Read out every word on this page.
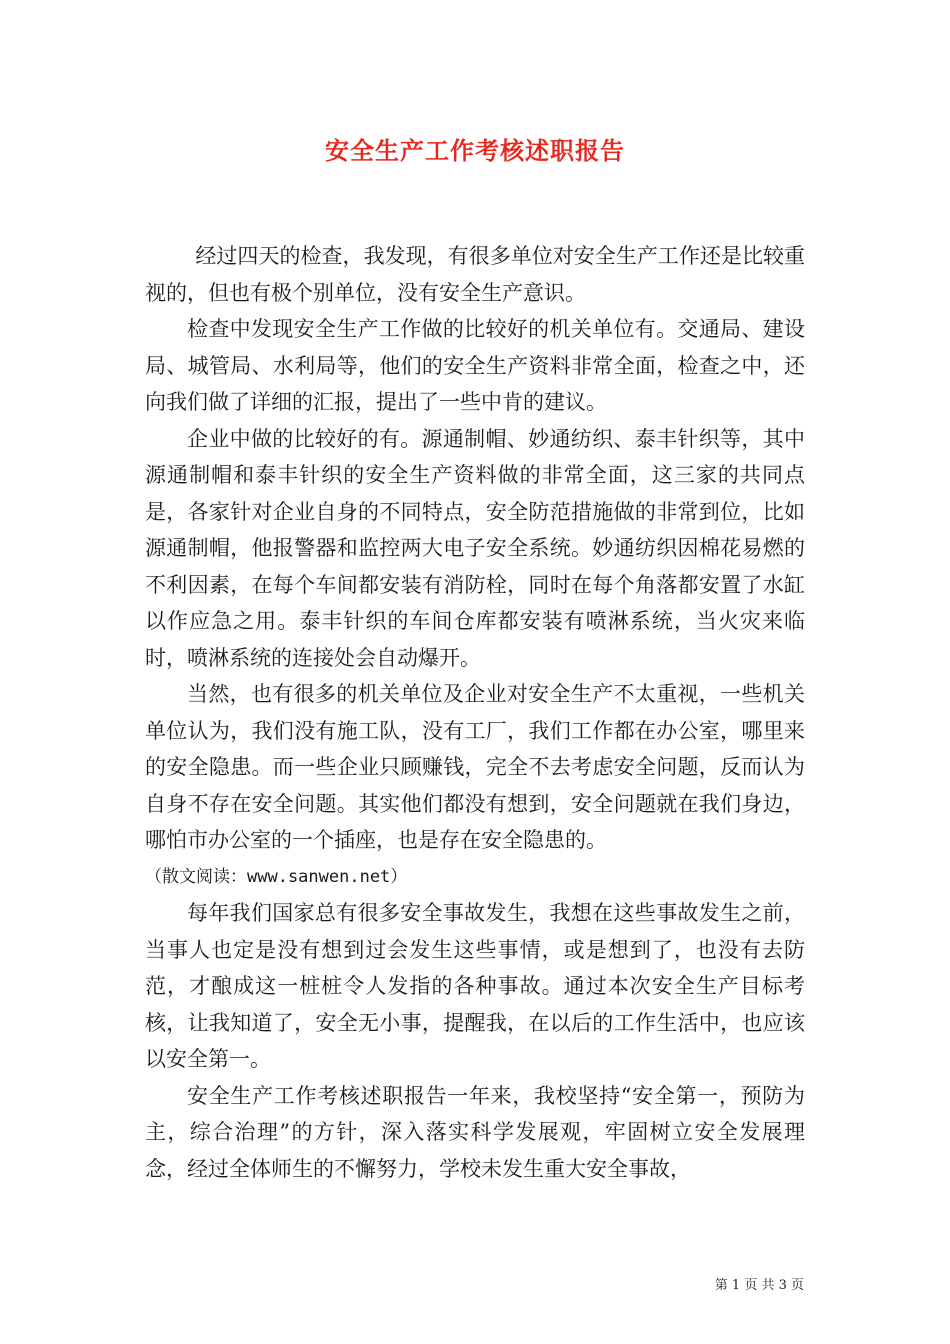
安全生产工作考核述职报告

经过四天的检查，我发现，有很多单位对安全生产工作还是比较重视的，但也有极个别单位，没有安全生产意识。

检查中发现安全生产工作做的比较好的机关单位有。交通局、建设局、城管局、水利局等，他们的安全生产资料非常全面，检查之中，还向我们做了详细的汇报，提出了一些中肯的建议。

企业中做的比较好的有。源通制帽、妙通纺织、泰丰针织等，其中源通制帽和泰丰针织的安全生产资料做的非常全面，这三家的共同点是，各家针对企业自身的不同特点，安全防范措施做的非常到位，比如源通制帽，他报警器和监控两大电子安全系统。妙通纺织因棉花易燃的不利因素，在每个车间都安装有消防栓，同时在每个角落都安置了水缸以作应急之用。泰丰针织的车间仓库都安装有喷淋系统，当火灾来临时，喷淋系统的连接处会自动爆开。

当然，也有很多的机关单位及企业对安全生产不太重视，一些机关单位认为，我们没有施工队，没有工厂，我们工作都在办公室，哪里来的安全隐患。而一些企业只顾赚钱，完全不去考虑安全问题，反而认为自身不存在安全问题。其实他们都没有想到，安全问题就在我们身边，哪怕市办公室的一个插座，也是存在安全隐患的。

（散文阅读：www.sanwen.net）

每年我们国家总有很多安全事故发生，我想在这些事故发生之前，当事人也定是没有想到过会发生这些事情，或是想到了，也没有去防范，才酿成这一桩桩令人发指的各种事故。通过本次安全生产目标考核，让我知道了，安全无小事，提醒我，在以后的工作生活中，也应该以安全第一。

安全生产工作考核述职报告一年来，我校坚持“安全第一，预防为主，综合治理”的方针，深入落实科学发展观，牢固树立安全发展理念，经过全体师生的不懈努力，学校未发生重大安全事故，

第 1 页 共 3 页
